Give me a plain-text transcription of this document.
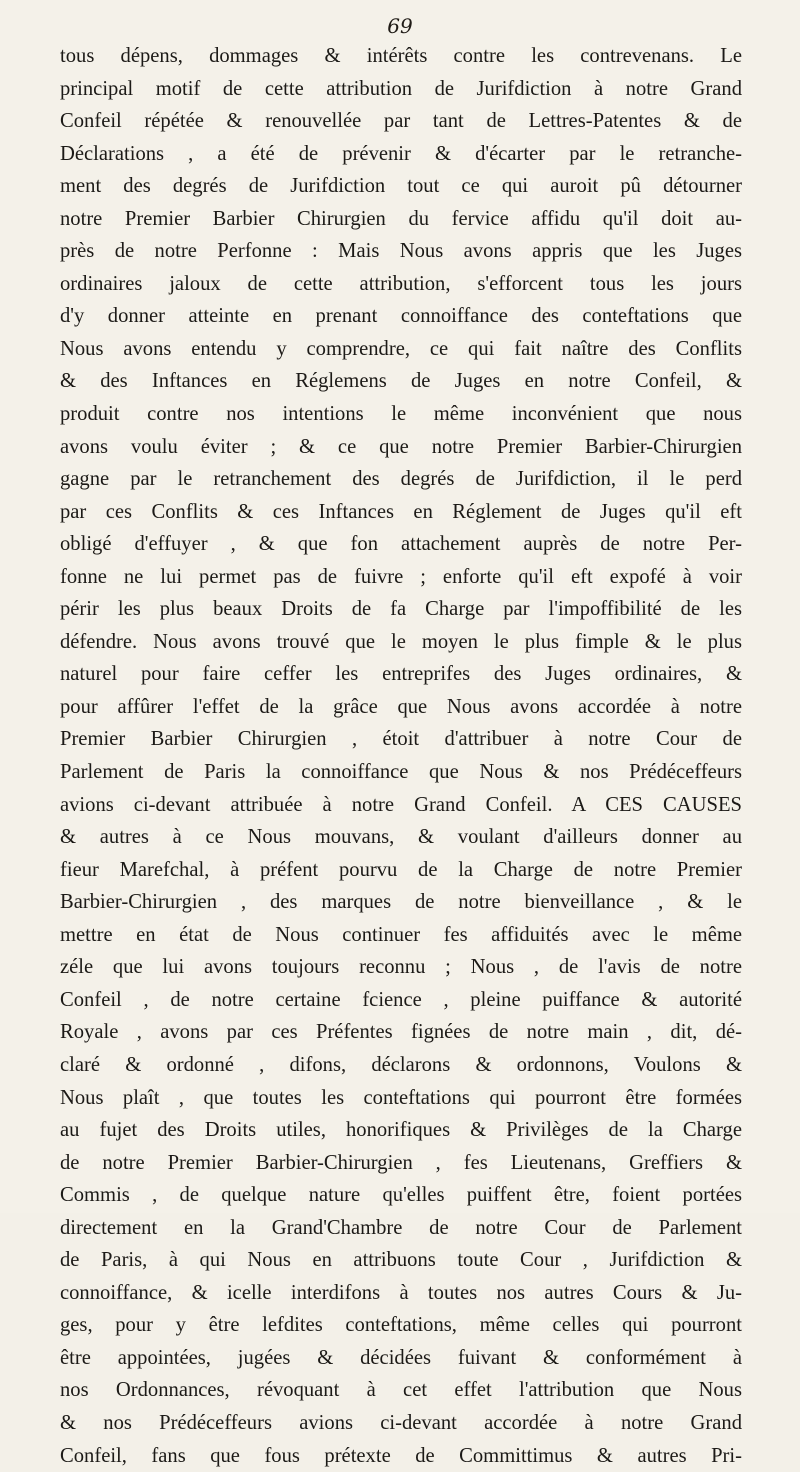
69
tous dépens, dommages & intérêts contre les contrevenans. Le
principal motif de cette attribution de Jurifdiction à notre Grand
Confeil répétée & renouvellée par tant de Lettres-Patentes & de
Déclarations , a été de prévenir & d'écarter par le retranche-
ment des degrés de Jurifdiction tout ce qui auroit pû détourner
notre Premier Barbier Chirurgien du fervice affidu qu'il doit au-
près de notre Perfonne : Mais Nous avons appris que les Juges
ordinaires jaloux de cette attribution, s'efforcent tous les jours
d'y donner atteinte en prenant connoiffance des conteftations que
Nous avons entendu y comprendre, ce qui fait naître des Conflits
& des Inftances en Réglemens de Juges en notre Confeil, &
produit contre nos intentions le même inconvénient que nous
avons voulu éviter ; & ce que notre Premier Barbier-Chirurgien
gagne par le retranchement des degrés de Jurifdiction, il le perd
par ces Conflits & ces Inftances en Réglement de Juges qu'il eft
obligé d'effuyer , & que fon attachement auprès de notre Per-
fonne ne lui permet pas de fuivre ; enforte qu'il eft expofé à voir
périr les plus beaux Droits de fa Charge par l'impoffibilité de les
défendre. Nous avons trouvé que le moyen le plus fimple & le plus
naturel pour faire ceffer les entreprifes des Juges ordinaires, &
pour affûrer l'effet de la grâce que Nous avons accordée à notre
Premier Barbier Chirurgien , étoit d'attribuer à notre Cour de
Parlement de Paris la connoiffance que Nous & nos Prédéceffeurs
avions ci-devant attribuée à notre Grand Confeil. A CES CAUSES
& autres à ce Nous mouvans, & voulant d'ailleurs donner au
fieur Marefchal, à préfent pourvu de la Charge de notre Premier
Barbier-Chirurgien , des marques de notre bienveillance , & le
mettre en état de Nous continuer fes affiduités avec le même
zéle que lui avons toujours reconnu ; Nous , de l'avis de notre
Confeil , de notre certaine fcience , pleine puiffance & autorité
Royale , avons par ces Préfentes fignées de notre main , dit, dé-
claré & ordonné , difons, déclarons & ordonnons, Voulons &
Nous plaît , que toutes les conteftations qui pourront être formées
au fujet des Droits utiles, honorifiques & Privilèges de la Charge
de notre Premier Barbier-Chirurgien , fes Lieutenans, Greffiers &
Commis , de quelque nature qu'elles puiffent être, foient portées
directement en la Grand'Chambre de notre Cour de Parlement
de Paris, à qui Nous en attribuons toute Cour , Jurifdiction &
connoiffance, & icelle interdifons à toutes nos autres Cours & Ju-
ges, pour y être lefdites conteftations, même celles qui pourront
être appointées, jugées & décidées fuivant & conformément à
nos Ordonnances, révoquant à cet effet l'attribution que Nous
& nos Prédéceffeurs avions ci-devant accordée à notre Grand
Confeil, fans que fous prétexte de Committimus & autres Pri-
